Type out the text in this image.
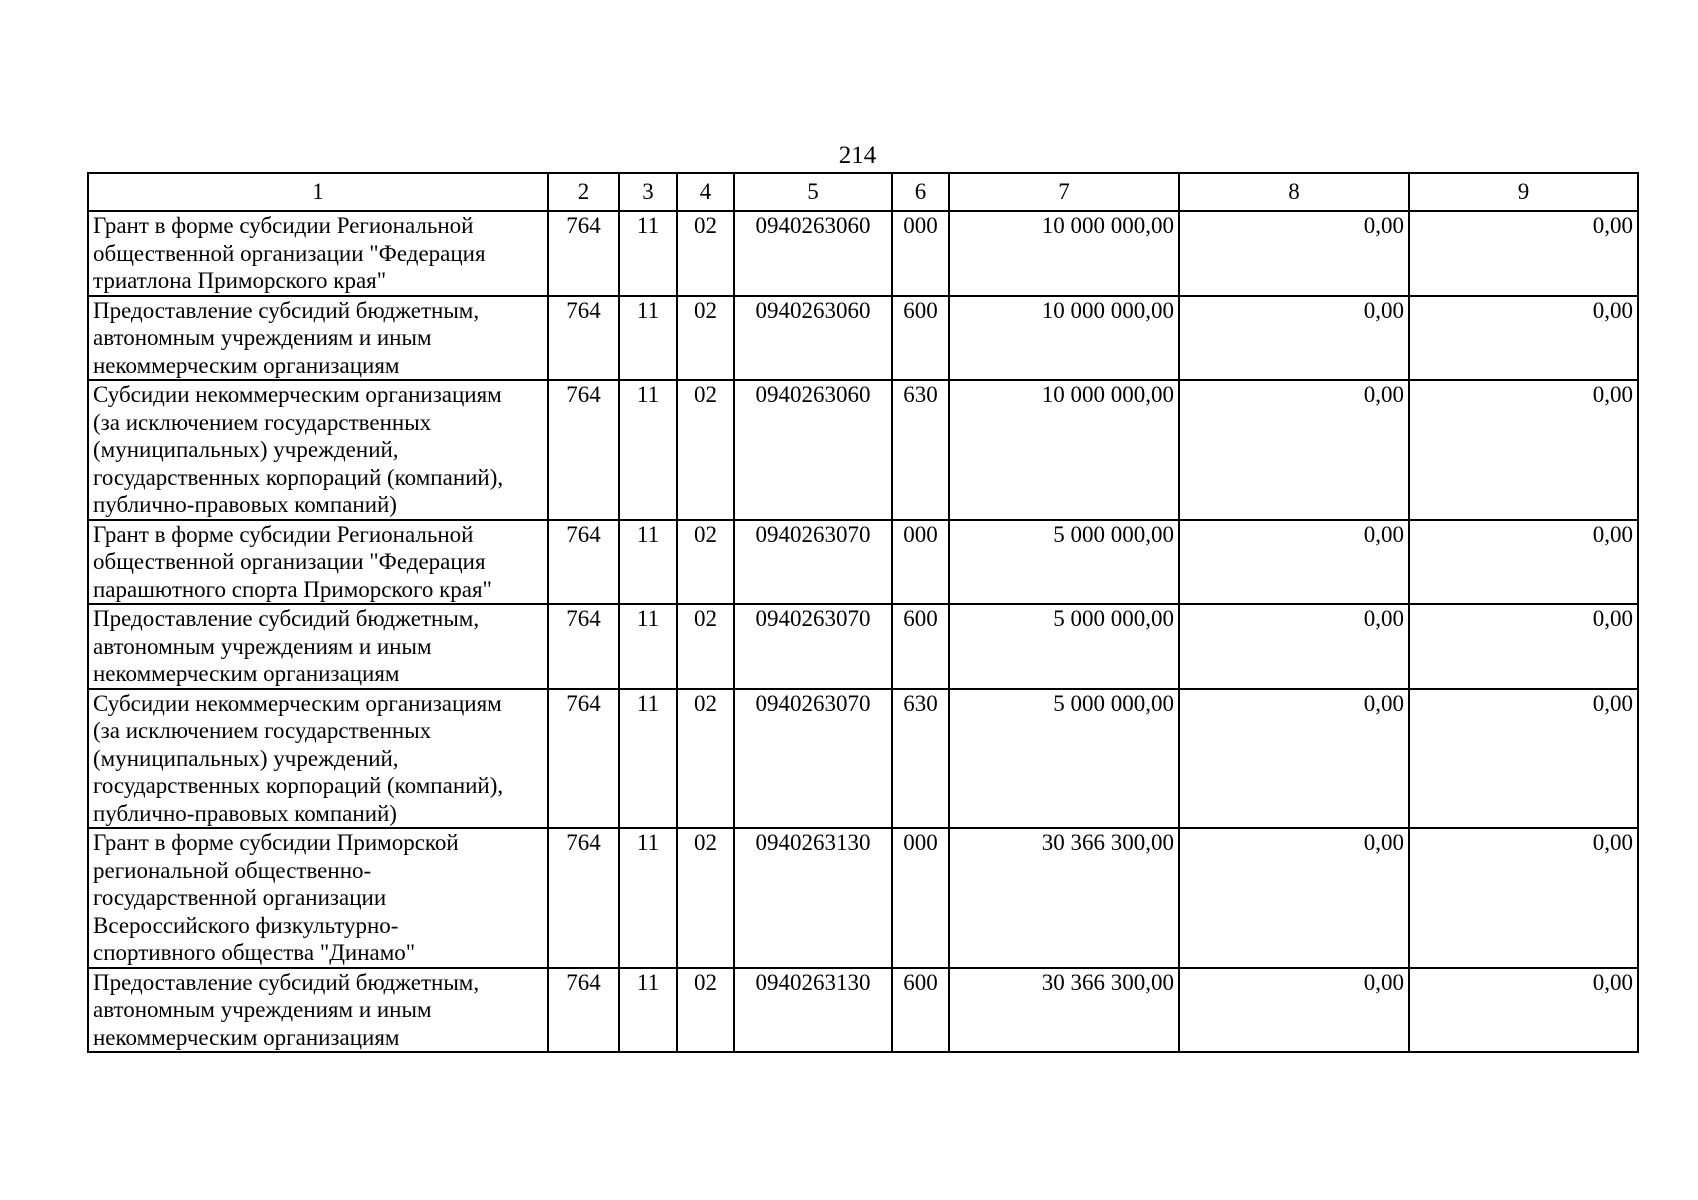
214
1	2	3	4	5	6	7	8	9

Грант в форме субсидии Региональной
общественной организации "Федерация
триатлона Приморского края"	764	11	02	0940263060	000	10 000 000,00	0,00	0,00

Предоставление субсидий бюджетным,
автономным учреждениям и иным
некоммерческим организациям	764	11	02	0940263060	600	10 000 000,00	0,00	0,00

Субсидии некоммерческим организациям
(за исключением государственных
(муниципальных) учреждений,
государственных корпораций (компаний),
публично-правовых компаний)	764	11	02	0940263060	630	10 000 000,00	0,00	0,00

Грант в форме субсидии Региональной
общественной организации "Федерация
парашютного спорта Приморского края"	764	11	02	0940263070	000	5 000 000,00	0,00	0,00

Предоставление субсидий бюджетным,
автономным учреждениям и иным
некоммерческим организациям	764	11	02	0940263070	600	5 000 000,00	0,00	0,00

Субсидии некоммерческим организациям
(за исключением государственных
(муниципальных) учреждений,
государственных корпораций (компаний),
публично-правовых компаний)	764	11	02	0940263070	630	5 000 000,00	0,00	0,00

Грант в форме субсидии Приморской
региональной общественно-
государственной организации
Всероссийского физкультурно-
спортивного общества "Динамо"	764	11	02	0940263130	000	30 366 300,00	0,00	0,00

Предоставление субсидий бюджетным,
автономным учреждениям и иным
некоммерческим организациям	764	11	02	0940263130	600	30 366 300,00	0,00	0,00
